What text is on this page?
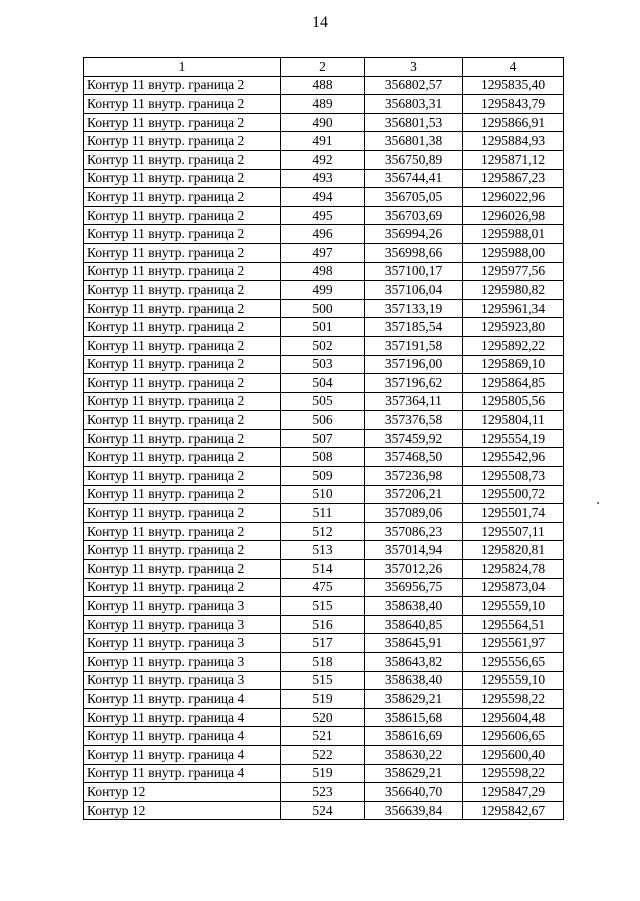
14
1	2	3	4
Контур 11 внутр. граница 2	488	356802,57	1295835,40
Контур 11 внутр. граница 2	489	356803,31	1295843,79
Контур 11 внутр. граница 2	490	356801,53	1295866,91
Контур 11 внутр. граница 2	491	356801,38	1295884,93
Контур 11 внутр. граница 2	492	356750,89	1295871,12
Контур 11 внутр. граница 2	493	356744,41	1295867,23
Контур 11 внутр. граница 2	494	356705,05	1296022,96
Контур 11 внутр. граница 2	495	356703,69	1296026,98
Контур 11 внутр. граница 2	496	356994,26	1295988,01
Контур 11 внутр. граница 2	497	356998,66	1295988,00
Контур 11 внутр. граница 2	498	357100,17	1295977,56
Контур 11 внутр. граница 2	499	357106,04	1295980,82
Контур 11 внутр. граница 2	500	357133,19	1295961,34
Контур 11 внутр. граница 2	501	357185,54	1295923,80
Контур 11 внутр. граница 2	502	357191,58	1295892,22
Контур 11 внутр. граница 2	503	357196,00	1295869,10
Контур 11 внутр. граница 2	504	357196,62	1295864,85
Контур 11 внутр. граница 2	505	357364,11	1295805,56
Контур 11 внутр. граница 2	506	357376,58	1295804,11
Контур 11 внутр. граница 2	507	357459,92	1295554,19
Контур 11 внутр. граница 2	508	357468,50	1295542,96
Контур 11 внутр. граница 2	509	357236,98	1295508,73
Контур 11 внутр. граница 2	510	357206,21	1295500,72
Контур 11 внутр. граница 2	511	357089,06	1295501,74
Контур 11 внутр. граница 2	512	357086,23	1295507,11
Контур 11 внутр. граница 2	513	357014,94	1295820,81
Контур 11 внутр. граница 2	514	357012,26	1295824,78
Контур 11 внутр. граница 2	475	356956,75	1295873,04
Контур 11 внутр. граница 3	515	358638,40	1295559,10
Контур 11 внутр. граница 3	516	358640,85	1295564,51
Контур 11 внутр. граница 3	517	358645,91	1295561,97
Контур 11 внутр. граница 3	518	358643,82	1295556,65
Контур 11 внутр. граница 3	515	358638,40	1295559,10
Контур 11 внутр. граница 4	519	358629,21	1295598,22
Контур 11 внутр. граница 4	520	358615,68	1295604,48
Контур 11 внутр. граница 4	521	358616,69	1295606,65
Контур 11 внутр. граница 4	522	358630,22	1295600,40
Контур 11 внутр. граница 4	519	358629,21	1295598,22
Контур 12	523	356640,70	1295847,29
Контур 12	524	356639,84	1295842,67
